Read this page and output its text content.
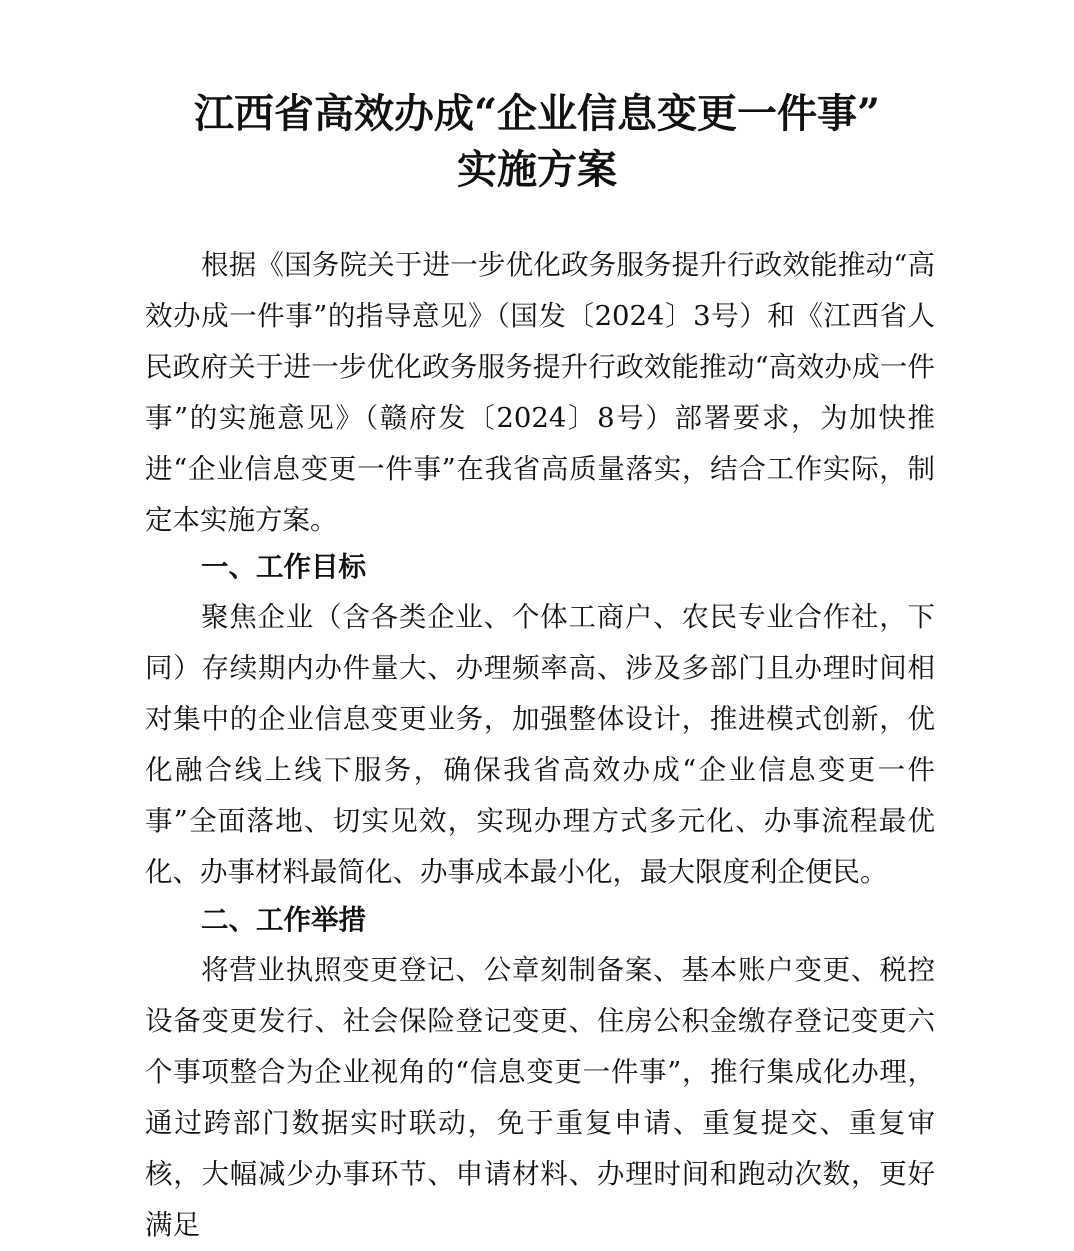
江西省高效办成“企业信息变更一件事”
实施方案

根据《国务院关于进一步优化政务服务提升行政效能推动“高效办成一件事”的指导意见》（国发〔2024〕3号）和《江西省人民政府关于进一步优化政务服务提升行政效能推动“高效办成一件事”的实施意见》（赣府发〔2024〕8号）部署要求，为加快推进“企业信息变更一件事”在我省高质量落实，结合工作实际，制定本实施方案。

一、工作目标

聚焦企业（含各类企业、个体工商户、农民专业合作社，下同）存续期内办件量大、办理频率高、涉及多部门且办理时间相对集中的企业信息变更业务，加强整体设计，推进模式创新，优化融合线上线下服务，确保我省高效办成“企业信息变更一件事”全面落地、切实见效，实现办理方式多元化、办事流程最优化、办事材料最简化、办事成本最小化，最大限度利企便民。

二、工作举措

将营业执照变更登记、公章刻制备案、基本账户变更、税控设备变更发行、社会保险登记变更、住房公积金缴存登记变更六个事项整合为企业视角的“信息变更一件事”，推行集成化办理，通过跨部门数据实时联动，免于重复申请、重复提交、重复审核，大幅减少办事环节、申请材料、办理时间和跑动次数，更好满足
